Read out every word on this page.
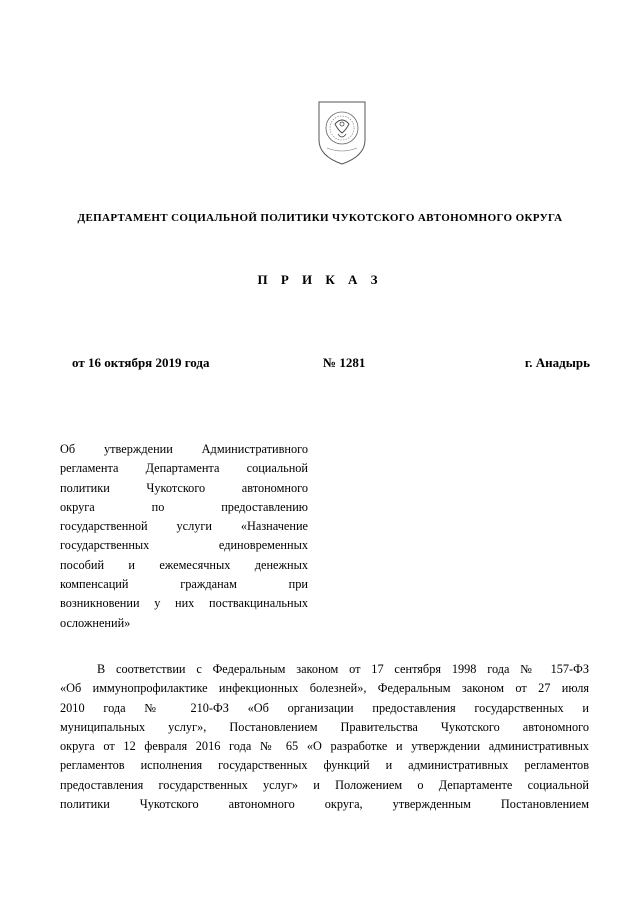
ДЕПАРТАМЕНТ СОЦИАЛЬНОЙ ПОЛИТИКИ ЧУКОТСКОГО АВТОНОМНОГО ОКРУГА
П Р И К А З
от 16 октября 2019 года	№ 1281	г. Анадырь
Об утверждении Административного
регламента Департамента социальной
политики Чукотского автономного
округа по предоставлению
государственной услуги «Назначение
государственных единовременных
пособий и ежемесячных денежных
компенсаций гражданам при
возникновении у них поствакцинальных
осложнений»
В соответствии с Федеральным законом от 17 сентября 1998 года № 157-ФЗ
«Об иммунопрофилактике инфекционных болезней», Федеральным законом от 27 июля
2010 года № 210-ФЗ «Об организации предоставления государственных и
муниципальных услуг», Постановлением Правительства Чукотского автономного
округа от 12 февраля 2016 года № 65 «О разработке и утверждении административных
регламентов исполнения государственных функций и административных регламентов
предоставления государственных услуг» и Положением о Департаменте социальной
политики Чукотского автономного округа, утвержденным Постановлением
